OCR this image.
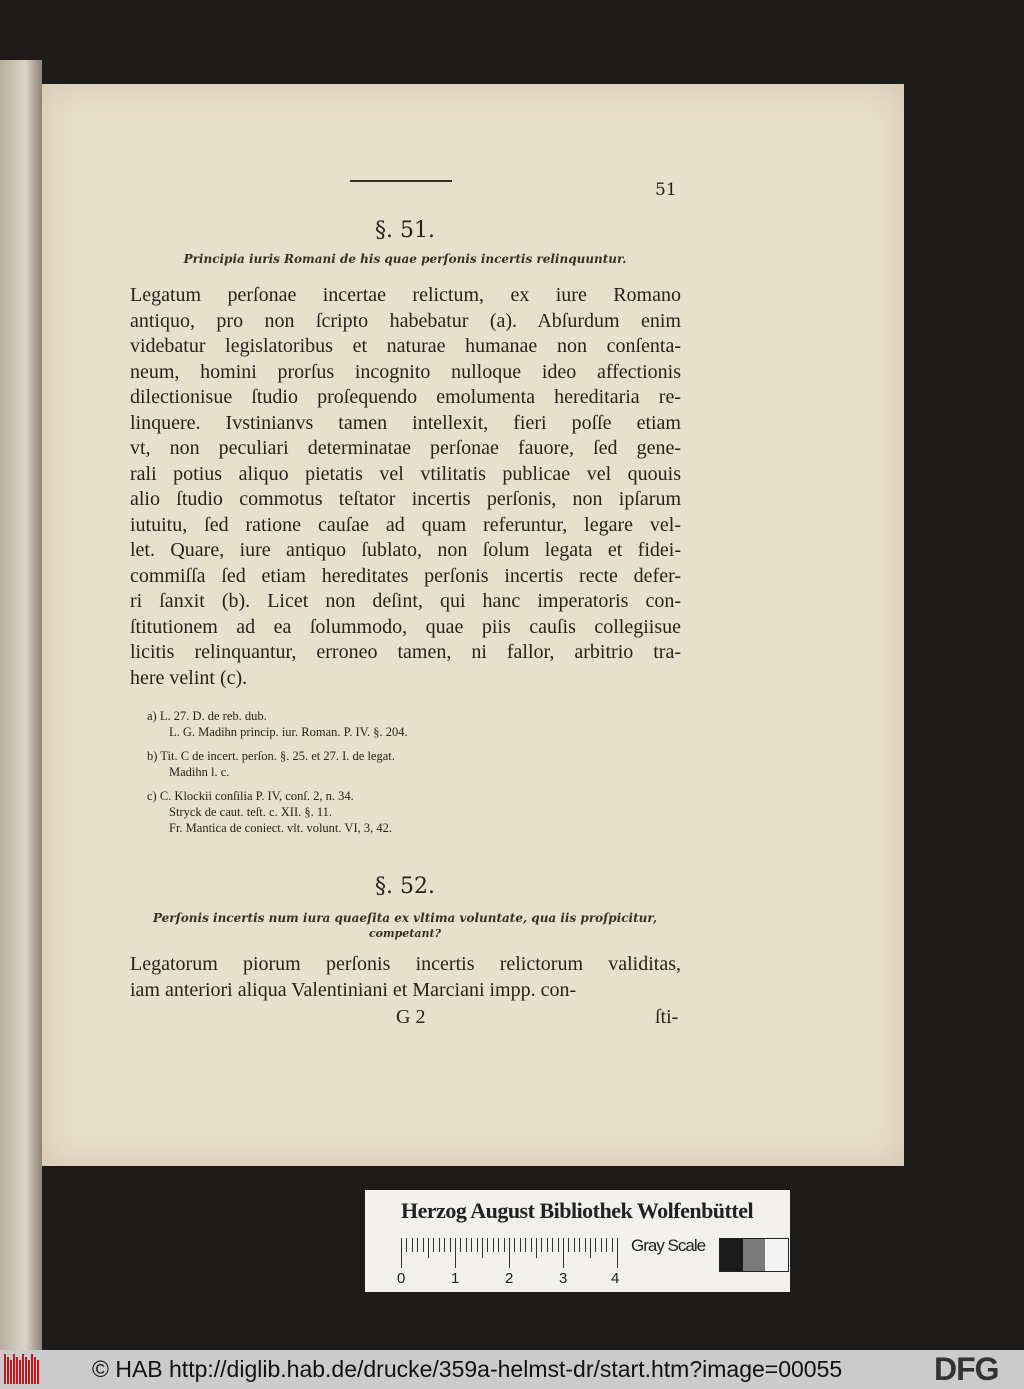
51
§. 51.
Principia iuris Romani de his quae perſonis incertis relinquuntur.
Legatum perſonae incertae relictum, ex iure Romano
antiquo, pro non ſcripto habebatur (a). Abſurdum enim
videbatur legislatoribus et naturae humanae non conſenta-
neum, homini prorſus incognito nulloque ideo affectionis
dilectionisue ſtudio proſequendo emolumenta hereditaria re-
linquere. Ivstinianvs tamen intellexit, fieri poſſe etiam
vt, non peculiari determinatae perſonae fauore, ſed gene-
rali potius aliquo pietatis vel vtilitatis publicae vel quouis
alio ſtudio commotus teſtator incertis perſonis, non ipſarum
iutuitu, ſed ratione cauſae ad quam referuntur, legare vel-
let. Quare, iure antiquo ſublato, non ſolum legata et fidei-
commiſſa ſed etiam hereditates perſonis incertis recte defer-
ri ſanxit (b). Licet non deſint, qui hanc imperatoris con-
ſtitutionem ad ea ſolummodo, quae piis cauſis collegiisue
licitis relinquantur, erroneo tamen, ni fallor, arbitrio tra-
here velint (c).
a) L. 27. D. de reb. dub.
L. G. Madihn princip. iur. Roman. P. IV. §. 204.
b) Tit. C de incert. perſon. §. 25. et 27. I. de legat.
Madihn l. c.
c) C. Klockii conſilia P. IV, conſ. 2, n. 34.
Stryck de caut. teſt. c. XII. §. 11.
Fr. Mantica de coniect. vlt. volunt. VI, 3, 42.
§. 52.
Perſonis incertis num iura quaeſita ex vltima voluntate, qua iis proſpicitur,
competant?
Legatorum piorum perſonis incertis relictorum validitas,
iam anteriori aliqua Valentiniani et Marciani impp. con-
G 2	ſti-
Herzog August Bibliothek Wolfenbüttel
0	1	2	3	4
Gray Scale
© HAB http://diglib.hab.de/drucke/359a-helmst-dr/start.htm?image=00055	DFG
